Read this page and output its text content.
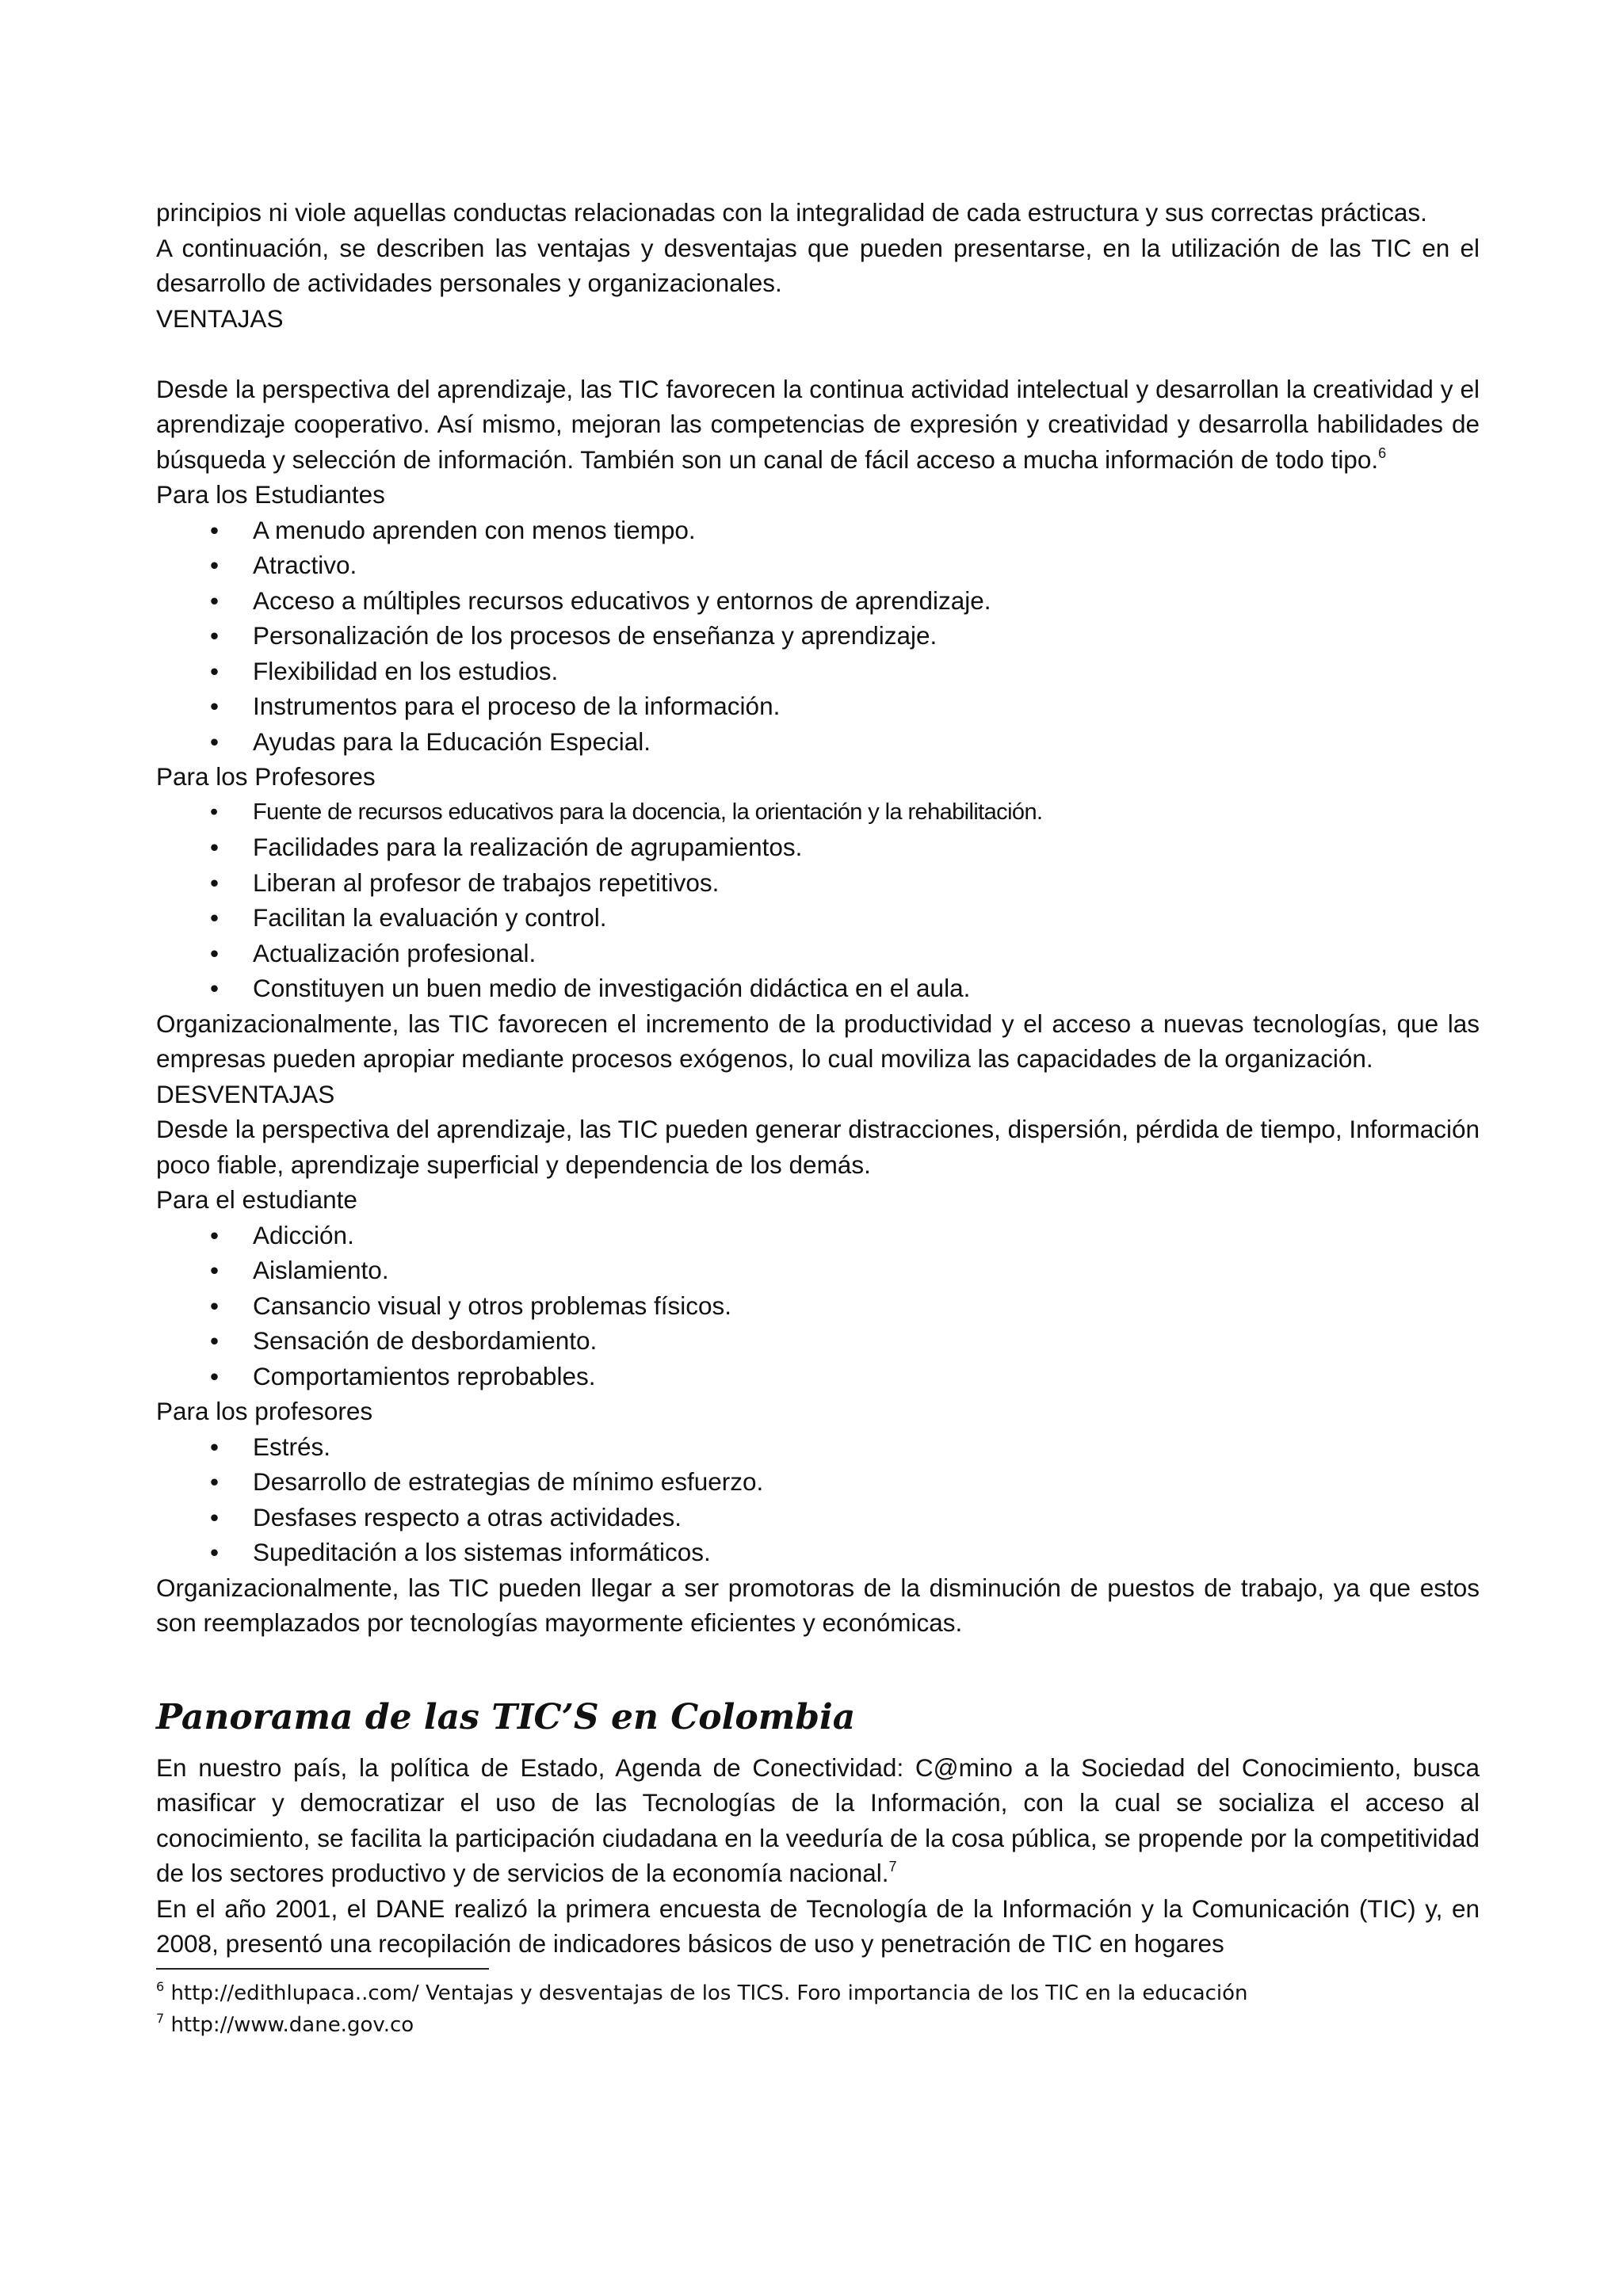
principios ni viole aquellas conductas relacionadas con la integralidad de cada estructura y sus correctas prácticas.

A continuación, se describen las ventajas y desventajas que pueden presentarse, en la utilización de las TIC en el desarrollo de actividades personales y organizacionales.

VENTAJAS

Desde la perspectiva del aprendizaje, las TIC favorecen la continua actividad intelectual y desarrollan la creatividad y el aprendizaje cooperativo. Así mismo, mejoran las competencias de expresión y creatividad y desarrolla habilidades de búsqueda y selección de información. También son un canal de fácil acceso a mucha información de todo tipo.$^6$

Para los Estudiantes

• A menudo aprenden con menos tiempo.
• Atractivo.
• Acceso a múltiples recursos educativos y entornos de aprendizaje.
• Personalización de los procesos de enseñanza y aprendizaje.
• Flexibilidad en los estudios.
• Instrumentos para el proceso de la información.
• Ayudas para la Educación Especial.

Para los Profesores

• Fuente de recursos educativos para la docencia, la orientación y la rehabilitación.
• Facilidades para la realización de agrupamientos.
• Liberan al profesor de trabajos repetitivos.
• Facilitan la evaluación y control.
• Actualización profesional.
• Constituyen un buen medio de investigación didáctica en el aula.

Organizacionalmente, las TIC favorecen el incremento de la productividad y el acceso a nuevas tecnologías, que las empresas pueden apropiar mediante procesos exógenos, lo cual moviliza las capacidades de la organización.

DESVENTAJAS

Desde la perspectiva del aprendizaje, las TIC pueden generar distracciones, dispersión, pérdida de tiempo, Información poco fiable, aprendizaje superficial y dependencia de los demás.

Para el estudiante

• Adicción.
• Aislamiento.
• Cansancio visual y otros problemas físicos.
• Sensación de desbordamiento.
• Comportamientos reprobables.

Para los profesores

• Estrés.
• Desarrollo de estrategias de mínimo esfuerzo.
• Desfases respecto a otras actividades.
• Supeditación a los sistemas informáticos.

Organizacionalmente, las TIC pueden llegar a ser promotoras de la disminución de puestos de trabajo, ya que estos son reemplazados por tecnologías mayormente eficientes y económicas.

Panorama de las TIC’S en Colombia

En nuestro país, la política de Estado, Agenda de Conectividad: C@mino a la Sociedad del Conocimiento, busca masificar y democratizar el uso de las Tecnologías de la Información, con la cual se socializa el acceso al conocimiento, se facilita la participación ciudadana en la veeduría de la cosa pública, se propende por la competitividad de los sectores productivo y de servicios de la economía nacional.$^7$

En el año 2001, el DANE realizó la primera encuesta de Tecnología de la Información y la Comunicación (TIC) y, en 2008, presentó una recopilación de indicadores básicos de uso y penetración de TIC en hogares

$^6$ http://edithlupaca..com/ Ventajas y desventajas de los TICS. Foro importancia de los TIC en la educación

$^7$ http://www.dane.gov.co
